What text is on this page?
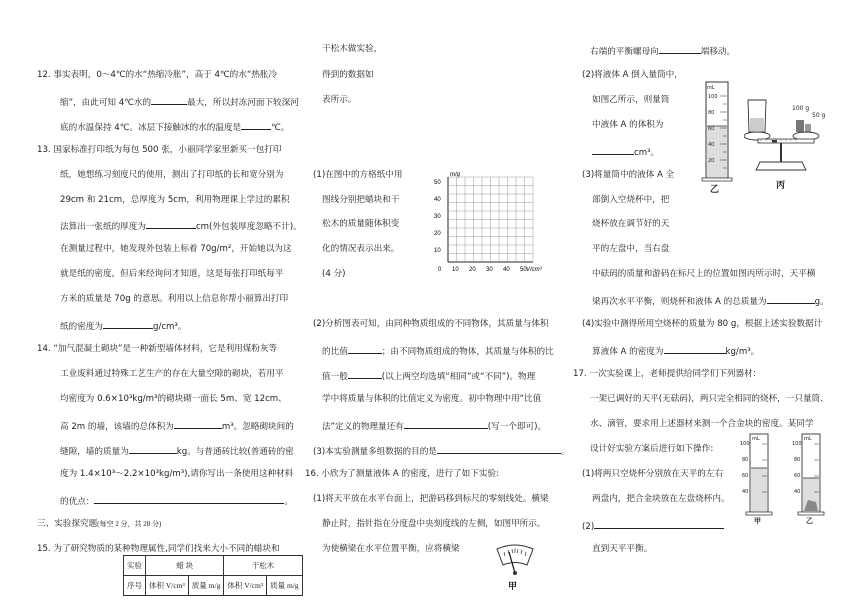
12. 事实表明，0～4℃的水“热缩冷胀”，高于 4℃的水“热胀冷
缩”，由此可知 4℃水的	最大，所以封冻河面下较深河
底的水温保持 4℃。冰层下接触冰的水的温度是	℃。
13. 国家标准打印纸为每包 500 张，小丽同学家里新买一包打印
纸，她想练习刻度尺的使用，测出了打印纸的长和宽分别为
29cm 和 21cm，总厚度为 5cm，利用物理课上学过的累积
法算出一张纸的厚度为	cm(外包装厚度忽略不计)。
在测量过程中，她发现外包装上标着 70g/m²，开始她以为这
就是纸的密度，但后来经询问才知道，这是每张打印纸每平
方米的质量是 70g 的意思。利用以上信息你帮小丽算出打印
纸的密度为	g/cm³。
14. “加气混凝土砌块”是一种新型墙体材料，它是利用煤粉灰等
工业废料通过特殊工艺生产的存在大量空隙的砌块，若用平
均密度为 0.6×10³kg/m³的砌块砌一面长 5m、宽 12cm、
高 2m 的墙，该墙的总体积为	m³。忽略砌块间的
缝隙，墙的质量为	kg。与普通砖比较(普通砖的密
度为 1.4×10³～2.2×10³kg/m³),请你写出一条使用这种材料
的优点：	。
三、实验探究题(每空 2 分，共 28 分)
15. 为了研究物质的某种物理属性,同学们找来大小不同的蜡块和
实验	蜡 块		干松木	
序号	体积 V/cm³	质量 m/g	体积 V/cm³	质量 m/g
干松木做实验，
得到的数据如
表所示。
(1)在图中的方格纸中用
图线分别把蜡块和干
松木的质量随体积变
化的情况表示出来。
(4 分)
m/g
V/cm³
0
50
40
30
20
10
10 20 30 40 50
(2)分析图表可知，由同种物质组成的不同物体，其质量与体积
的比值	；由不同物质组成的物体，其质量与体积的比
值一般	(以上两空均选填“相同”或“不同”)。物理
学中将质量与体积的比值定义为密度。初中物理中用“比值
法”定义的物理量还有	(写一个即可)。
(3)本实验测量多组数据的目的是	。
16. 小欣为了测量液体 A 的密度，进行了如下实验:
(1)将天平放在水平台面上，把游码移到标尺的零刻线处。横梁
静止时，指针指在分度盘中央刻度线的左侧，如图甲所示。
为使横梁在水平位置平衡，应将横梁
甲
右端的平衡螺母向	端移动。
(2)将液体 A 倒入量筒中，
如图乙所示，则量筒
中液体 A 的体积为
cm³。
(3)将量筒中的液体 A 全
部倒入空烧杯中，把
烧杯放在调节好的天
平的左盘中，当右盘
中砝码的质量和游码在标尺上的位置如图丙所示时，天平横
梁再次水平平衡，则烧杯和液体 A 的总质量为	g。
(4)实验中测得所用空烧杯的质量为 80 g，根据上述实验数据计
算液体 A 的密度为	kg/m³。
17. 一次实验课上，老师提供给同学们下列器材：
一架已调好的天平(无砝码)，两只完全相同的烧杯，一只量筒、
水、滴管，要求用上述器材来测一个合金块的密度。某同学
设计好实验方案后进行如下操作:
(1)将两只空烧杯分别放在天平的左右
两盘内，把合金块放在左盘烧杯内。
(2)
直到天平平衡。
mL
100
80
60
40
20
乙
100 g
50 g
丙
mL	mL
100
80
60
40
100
80
60
40
甲	乙
